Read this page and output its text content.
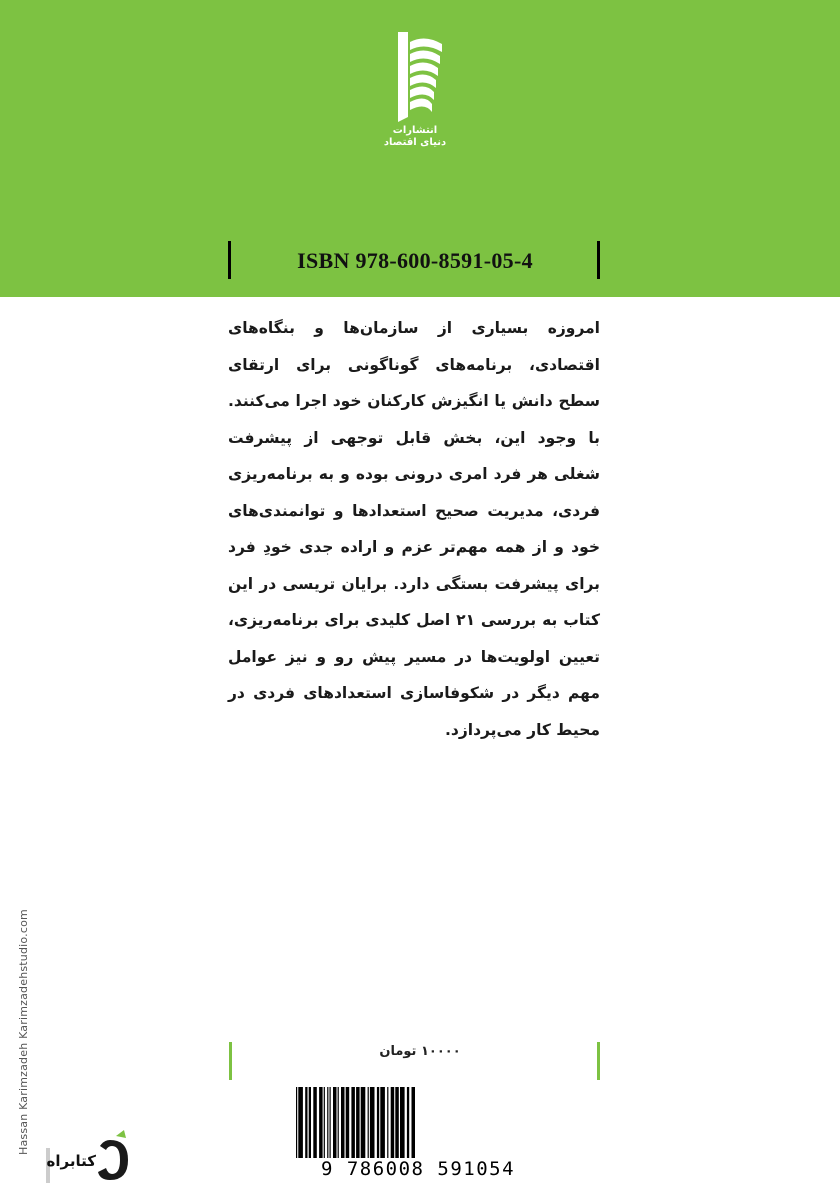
انتشارات
دنیای اقتصاد
ISBN 978-600-8591-05-4
امروزه بسیاری از سازمان‌ها و بنگاه‌های اقتصادی، برنامه‌های گوناگونی برای ارتقای سطح دانش یا انگیزش کارکنان خود اجرا می‌کنند. با وجود این، بخش قابل توجهی از پیشرفت شغلی هر فرد امری درونی بوده و به برنامه‌ریزی فردی، مدیریت صحیح استعدادها و توانمندی‌های خود و از همه مهم‌تر عزم و اراده جدی خودِ فرد برای پیشرفت بستگی دارد. برایان تریسی در این کتاب به بررسی ۲۱ اصل کلیدی برای برنامه‌ریزی، تعیین اولویت‌ها در مسیر پیش رو و نیز عوامل مهم دیگر در شکوفاسازی استعدادهای فردی در محیط کار می‌پردازد.
Hassan Karimzadeh Karimzadehstudio.com	۱۰۰۰۰ تومان
9 786008 591054
کتابراه
